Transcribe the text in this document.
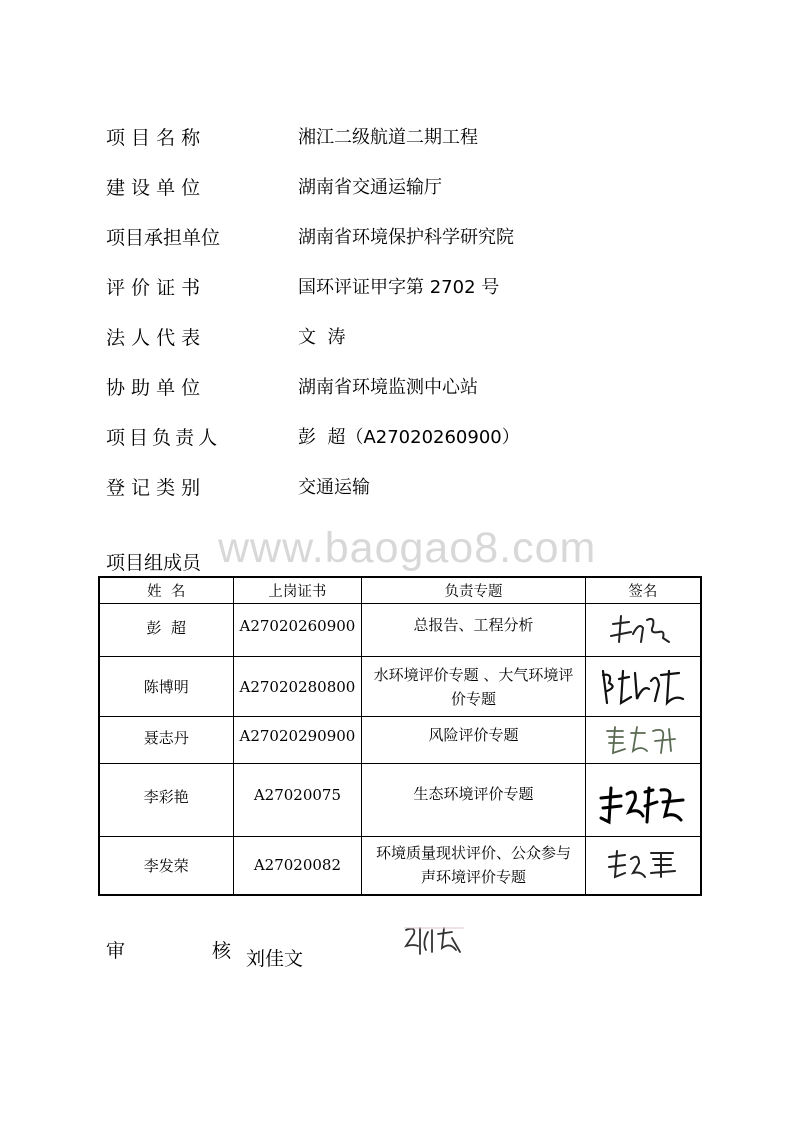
项 目 名 称	湘江二级航道二期工程
建 设 单 位	湖南省交通运输厅
项目承担单位	湖南省环境保护科学研究院
评 价 证 书	国环评证甲字第 2702 号
法 人 代 表	文  涛
协 助 单 位	湖南省环境监测中心站
项 目 负 责 人	彭  超（A27020260900）
登 记 类 别	交通运输
www.baogao8.com
项目组成员
姓  名	上岗证书	负责专题	签名
彭  超	A27020260900	总报告、工程分析

陈博明	A27020280800	水环境评价专题 、大气环境评
价专题

聂志丹	A27020290900	风险评价专题

李彩艳	A27020075	生态环境评价专题

李发荣	A27020082	环境质量现状评价、公众参与
声环境评价专题

审	核 刘佳文
